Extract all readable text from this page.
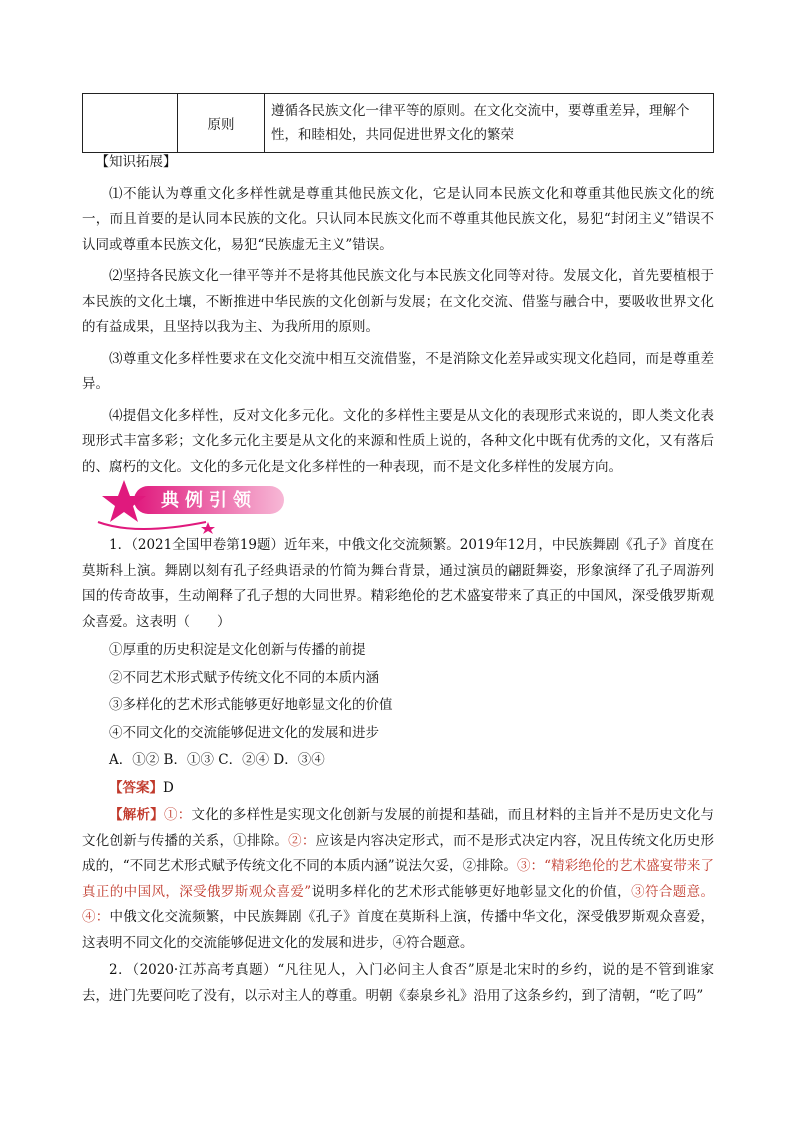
	原则	遵循各民族文化一律平等的原则。在文化交流中，要尊重差异，理解个性，和睦相处，共同促进世界文化的繁荣

【知识拓展】

⑴不能认为尊重文化多样性就是尊重其他民族文化，它是认同本民族文化和尊重其他民族文化的统一，而且首要的是认同本民族的文化。只认同本民族文化而不尊重其他民族文化，易犯“封闭主义”错误不认同或尊重本民族文化，易犯“民族虚无主义”错误。

⑵坚持各民族文化一律平等并不是将其他民族文化与本民族文化同等对待。发展文化，首先要植根于本民族的文化土壤，不断推进中华民族的文化创新与发展；在文化交流、借鉴与融合中，要吸收世界文化的有益成果，且坚持以我为主、为我所用的原则。

⑶尊重文化多样性要求在文化交流中相互交流借鉴，不是消除文化差异或实现文化趋同，而是尊重差异。

⑷提倡文化多样性，反对文化多元化。文化的多样性主要是从文化的表现形式来说的，即人类文化表现形式丰富多彩；文化多元化主要是从文化的来源和性质上说的，各种文化中既有优秀的文化，又有落后的、腐朽的文化。文化的多元化是文化多样性的一种表现，而不是文化多样性的发展方向。

典例引领

1．（2021全国甲卷第19题）近年来，中俄文化交流频繁。2019年12月，中民族舞剧《孔子》首度在莫斯科上演。舞剧以刻有孔子经典语录的竹简为舞台背景，通过演员的翩跹舞姿，形象演绎了孔子周游列国的传奇故事，生动阐释了孔子想的大同世界。精彩绝伦的艺术盛宴带来了真正的中国风，深受俄罗斯观众喜爱。这表明（　　）

①厚重的历史积淀是文化创新与传播的前提

②不同艺术形式赋予传统文化不同的本质内涵

③多样化的艺术形式能够更好地彰显文化的价值

④不同文化的交流能够促进文化的发展和进步

A．①② B．①③ C．②④ D．③④

【答案】D

【解析】①：文化的多样性是实现文化创新与发展的前提和基础，而且材料的主旨并不是历史文化与文化创新与传播的关系，①排除。②：应该是内容决定形式，而不是形式决定内容，况且传统文化历史形成的，“不同艺术形式赋予传统文化不同的本质内涵”说法欠妥，②排除。③：“精彩绝伦的艺术盛宴带来了真正的中国风，深受俄罗斯观众喜爱”说明多样化的艺术形式能够更好地彰显文化的价值，③符合题意。④：中俄文化交流频繁，中民族舞剧《孔子》首度在莫斯科上演，传播中华文化，深受俄罗斯观众喜爱，这表明不同文化的交流能够促进文化的发展和进步，④符合题意。

2．（2020·江苏高考真题）“凡往见人，入门必问主人食否”原是北宋时的乡约，说的是不管到谁家去，进门先要问吃了没有，以示对主人的尊重。明朝《泰泉乡礼》沿用了这条乡约，到了清朝，“吃了吗”
